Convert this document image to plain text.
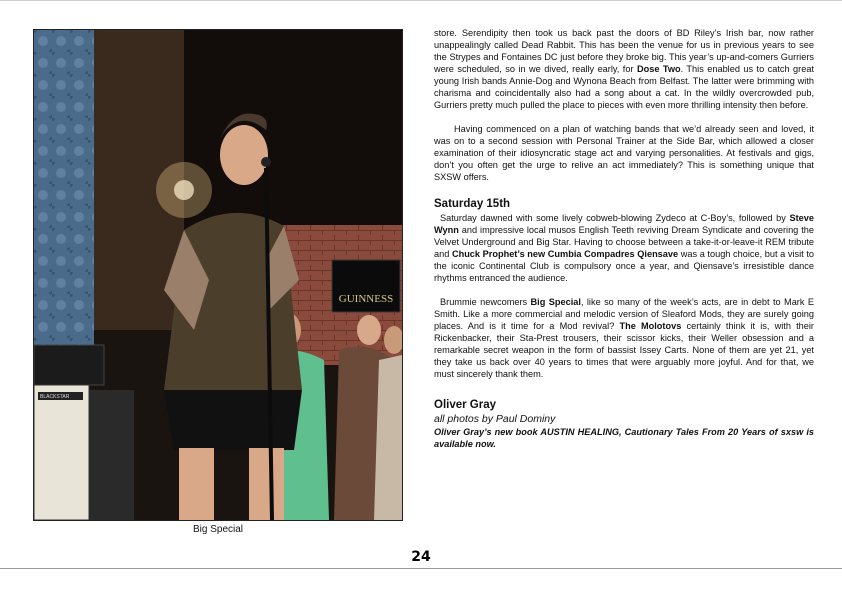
GUINNESS
BLACKSTAR
Big Special

store. Serendipity then took us back past the doors of BD Riley’s Irish bar, now rather unappealingly called Dead Rabbit. This has been the venue for us in previous years to see the Strypes and Fontaines DC just before they broke big. This year’s up-and-comers Gurriers were scheduled, so in we dived, really early, for Dose Two. This enabled us to catch great young Irish bands Annie-Dog and Wynona Beach from Belfast. The latter were brimming with charisma and coincidentally also had a song about a cat. In the wildly overcrowded pub, Gurriers pretty much pulled the place to pieces with even more thrilling intensity then before.

Having commenced on a plan of watching bands that we’d already seen and loved, it was on to a second session with Personal Trainer at the Side Bar, which allowed a closer examination of their idiosyncratic stage act and varying personalities. At festivals and gigs, don’t you often get the urge to relive an act immediately? This is something unique that SXSW offers.

Saturday 15th

Saturday dawned with some lively cobweb-blowing Zydeco at C-Boy’s, followed by Steve Wynn and impressive local musos English Teeth reviving Dream Syndicate and covering the Velvet Underground and Big Star. Having to choose between a take-it-or-leave-it REM tribute and Chuck Prophet’s new Cumbia Compadres Qiensave was a tough choice, but a visit to the iconic Continental Club is compulsory once a year, and Qiensave’s irresistible dance rhythms entranced the audience.

Brummie newcomers Big Special, like so many of the week’s acts, are in debt to Mark E Smith. Like a more commercial and melodic version of Sleaford Mods, they are surely going places. And is it time for a Mod revival? The Molotovs certainly think it is, with their Rickenbacker, their Sta-Prest trousers, their scissor kicks, their Weller obsession and a remarkable secret weapon in the form of bassist Issey Carts. None of them are yet 21, yet they take us back over 40 years to times that were arguably more joyful. And for that, we must sincerely thank them.

Oliver Gray
all photos by Paul Dominy

Oliver Gray’s new book AUSTIN HEALING, Cautionary Tales From 20 Years of sxsw is available now.

24
